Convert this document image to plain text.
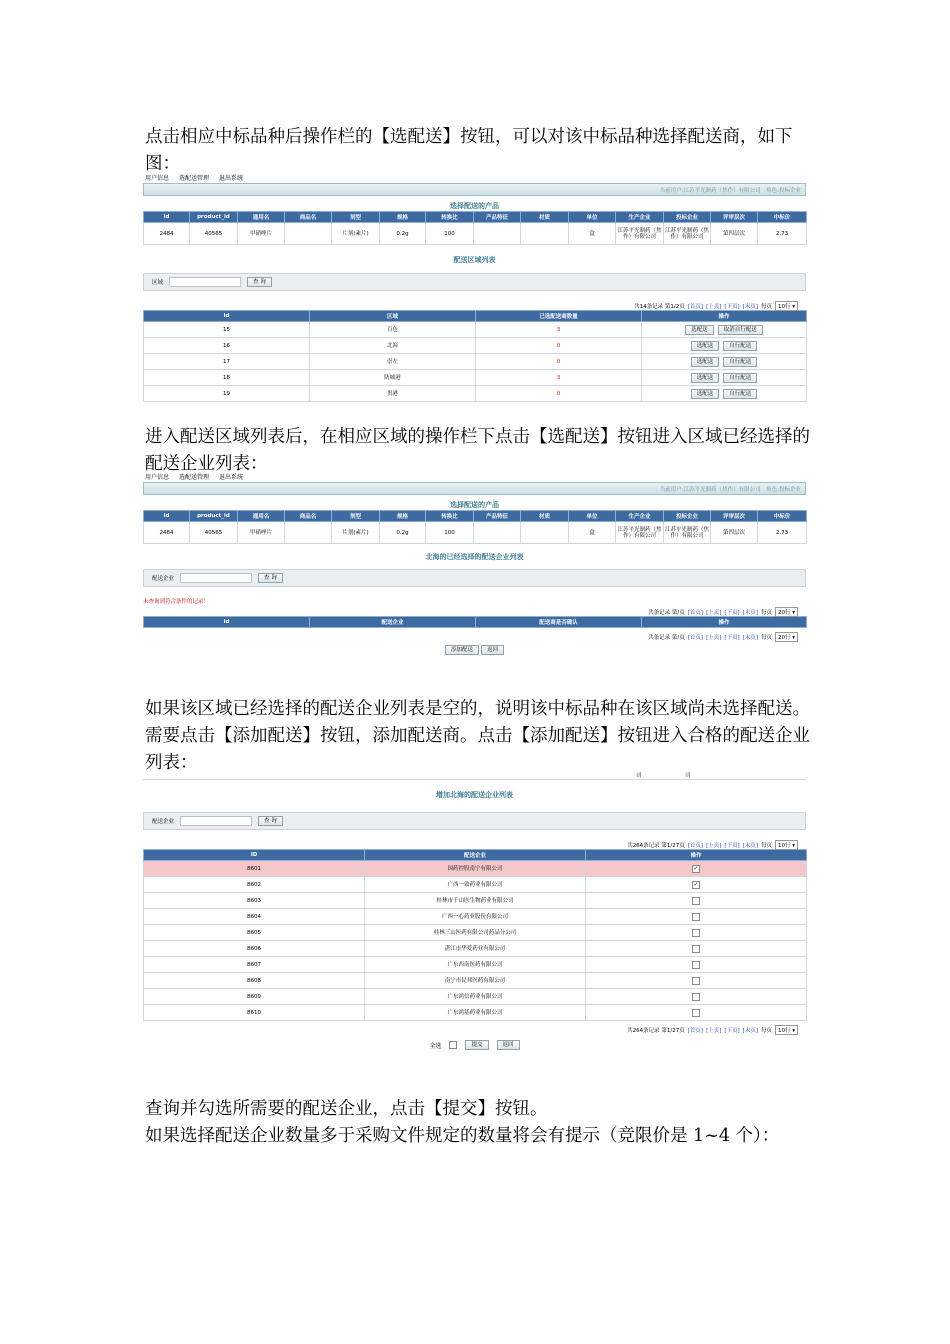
点击相应中标品种后操作栏的【选配送】按钮，可以对该中标品种选择配送商，如下图：
用户信息 选配送管理 退出系统
当前用户:江苏平光制药（焦作）有限公司　角色:投标企业
选择配送的产品
id	product_id	通用名	商品名	剂型	规格	转换比	产品特征	材质	单位	生产企业	投标企业	评审层次	中标价
2484	40565	甲硝唑片		片剂(素片)	0.2g	100			盒	江苏平光制药（焦作）有限公司	江苏平光制药（焦作）有限公司	第四层次	2.73
配送区域列表
区域	查 询
共14条记录 第1/2页 [首页] [上页] [下页] [末页] 每页	10行 ▾
id	区域	已选配送商数量	操作
15	百色	3	选配送 取消自行配送

16	北海	0	选配送 自行配送

17	崇左	0	选配送 自行配送

18	防城港	3	选配送 自行配送

19	贵港	0	选配送 自行配送
进入配送区域列表后，在相应区域的操作栏下点击【选配送】按钮进入区域已经选择的配送企业列表：
用户信息 选配送管理 退出系统
当前用户:江苏平光制药（焦作）有限公司　角色:投标企业
选择配送的产品
id	product_id	通用名	商品名	剂型	规格	转换比	产品特征	材质	单位	生产企业	投标企业	评审层次	中标价
2484	40565	甲硝唑片		片剂(素片)	0.2g	100			盒	江苏平光制药（焦作）有限公司	江苏平光制药（焦作）有限公司	第四层次	2.73
北海的已经选择的配送企业列表
配送企业	查 询
未查询到符合条件的记录！
共条记录 第/页 [首页] [上页] [下页] [末页] 每页	20行 ▾
id	配送企业	配送商是否确认	操作
共条记录 第/页 [首页] [上页] [下页] [末页] 每页	20行 ▾
添加配送	返回
如果该区域已经选择的配送企业列表是空的，说明该中标品种在该区域尚未选择配送。需要点击【添加配送】按钮，添加配送商。点击【添加配送】按钮进入合格的配送企业列表：
司	司
增加北海的配送企业列表
配送企业	查 询
共264条记录 第1/27页 [首页] [上页] [下页] [末页] 每页	10行 ▾
ID	配送企业	操作
8601	国药控股南宁有限公司	✓
8602	广西一致药业有限公司	✓
8603	桂林市千山医生物药业有限公司	
8604	广西一心药业股份有限公司	
8605	桂林三山医药有限公司药品分公司	
8606	湛江市华爱药业有限公司	
8607	广东西南医药有限公司	
8608	南宁市民邦医药有限公司	
8609	广东鸿信药业有限公司	
8610	广东鸿基药业有限公司	
共264条记录 第1/27页 [首页] [上页] [下页] [末页] 每页	10行 ▾
全选	提交	返回
查询并勾选所需要的配送企业，点击【提交】按钮。
如果选择配送企业数量多于采购文件规定的数量将会有提示（竞限价是 1~4 个）：
